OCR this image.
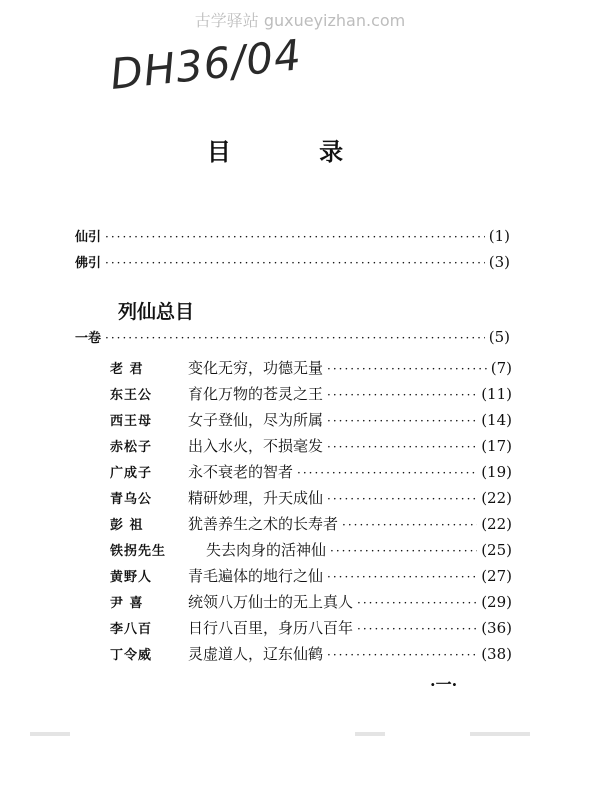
古学驿站 guxueyizhan.com
DH36/04
目 录
仙引 ·····	(1)
佛引 ·····	(3)
列仙总目
一卷 ·····	(5)
老 君	变化无穷，功德无量 ·····	(7)
东王公	育化万物的苍灵之王 ·····	(11)
西王母	女子登仙，尽为所属 ·····	(14)
赤松子	出入水火，不损毫发 ·····	(17)
广成子	永不衰老的智者 ·····	(19)
青乌公	精研妙理，升天成仙 ·····	(22)
彭 祖	犹善养生之术的长寿者 ·····	(22)
铁拐先生	失去肉身的活神仙 ·····	(25)
黄野人	青毛遍体的地行之仙 ·····	(27)
尹 喜	统领八万仙士的无上真人 ·····	(29)
李八百	日行八百里，身历八百年 ·····	(36)
丁令威	灵虚道人，辽东仙鹤 ·····	(38)
·一·
